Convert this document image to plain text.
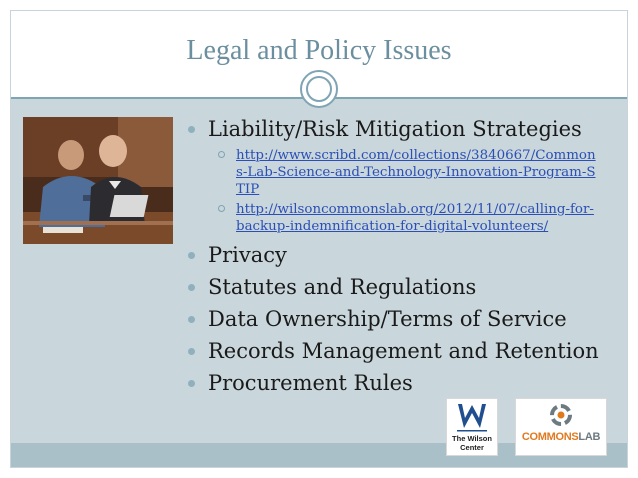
Legal and Policy Issues
Liability/Risk Mitigation Strategies
http://www.scribd.com/collections/3840667/Commons-Lab-Science-and-Technology-Innovation-Program-STIP
http://wilsoncommonslab.org/2012/11/07/calling-for-backup-indemnification-for-digital-volunteers/
Privacy
Statutes and Regulations
Data Ownership/Terms of Service
Records Management and Retention
Procurement Rules
The Wilson
Center
COMMONSLAB
